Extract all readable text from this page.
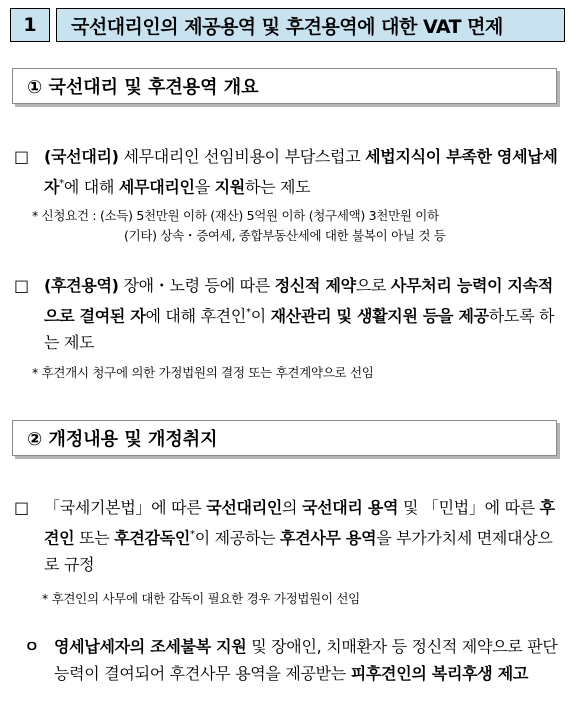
1	국선대리인의 제공용역 및 후견용역에 대한 VAT 면제
① 국선대리 및 후견용역 개요
□ (국선대리) 세무대리인 선임비용이 부담스럽고 세법지식이 부족한 영세납세자*에 대해 세무대리인을 지원하는 제도
* 신청요건 : (소득) 5천만원 이하 (재산) 5억원 이하 (청구세액) 3천만원 이하
(기타) 상속・증여세, 종합부동산세에 대한 불복이 아닐 것 등
□ (후견용역) 장애・노령 등에 따른 정신적 제약으로 사무처리 능력이 지속적으로 결여된 자에 대해 후견인*이 재산관리 및 생활지원 등을 제공하도록 하는 제도
* 후견개시 청구에 의한 가정법원의 결정 또는 후견계약으로 선임
② 개정내용 및 개정취지
□ 「국세기본법」에 따른 국선대리인의 국선대리 용역 및 「민법」에 따른 후견인 또는 후견감독인*이 제공하는 후견사무 용역을 부가가치세 면제대상으로 규정
* 후견인의 사무에 대한 감독이 필요한 경우 가정법원이 선임
ㅇ 영세납세자의 조세불복 지원 및 장애인, 치매환자 등 정신적 제약으로 판단능력이 결여되어 후견사무 용역을 제공받는 피후견인의 복리후생 제고
